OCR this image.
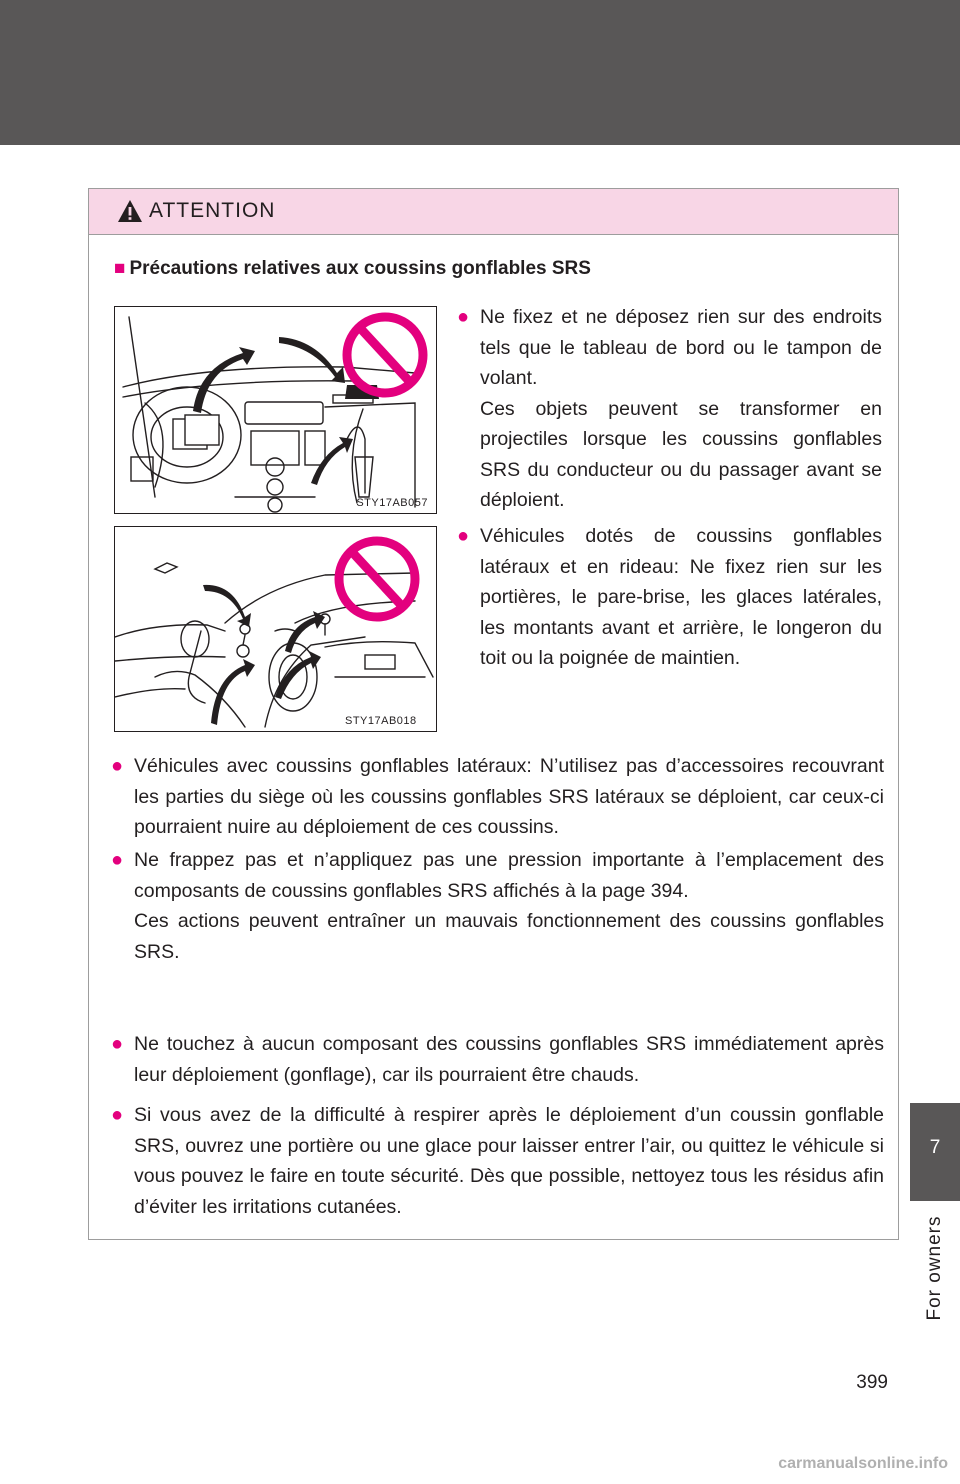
7
For owners
399
carmanualsonline.info
ATTENTION
■ Précautions relatives aux coussins gonflables SRS
STY17AB057
STY17AB018
● Ne fixez et ne déposez rien sur des endroits tels que le tableau de bord ou le tampon de volant.

Ces objets peuvent se transformer en projectiles lorsque les coussins gonflables SRS du conducteur ou du passager avant se déploient.

● Véhicules dotés de coussins gonflables latéraux et en rideau: Ne fixez rien sur les portières, le pare-brise, les glaces latérales, les montants avant et arrière, le longeron du toit ou la poignée de maintien.

● Véhicules avec coussins gonflables latéraux: N’utilisez pas d’accessoires recouvrant les parties du siège où les coussins gonflables SRS latéraux se déploient, car ceux-ci pourraient nuire au déploiement de ces coussins.

● Ne frappez pas et n’appliquez pas une pression importante à l’emplacement des composants de coussins gonflables SRS affichés à la page 394.

Ces actions peuvent entraîner un mauvais fonctionnement des coussins gonflables SRS.

● Ne touchez à aucun composant des coussins gonflables SRS immédiatement après leur déploiement (gonflage), car ils pourraient être chauds.

● Si vous avez de la difficulté à respirer après le déploiement d’un coussin gonflable SRS, ouvrez une portière ou une glace pour laisser entrer l’air, ou quittez le véhicule si vous pouvez le faire en toute sécurité. Dès que possible, nettoyez tous les résidus afin d’éviter les irritations cutanées.
